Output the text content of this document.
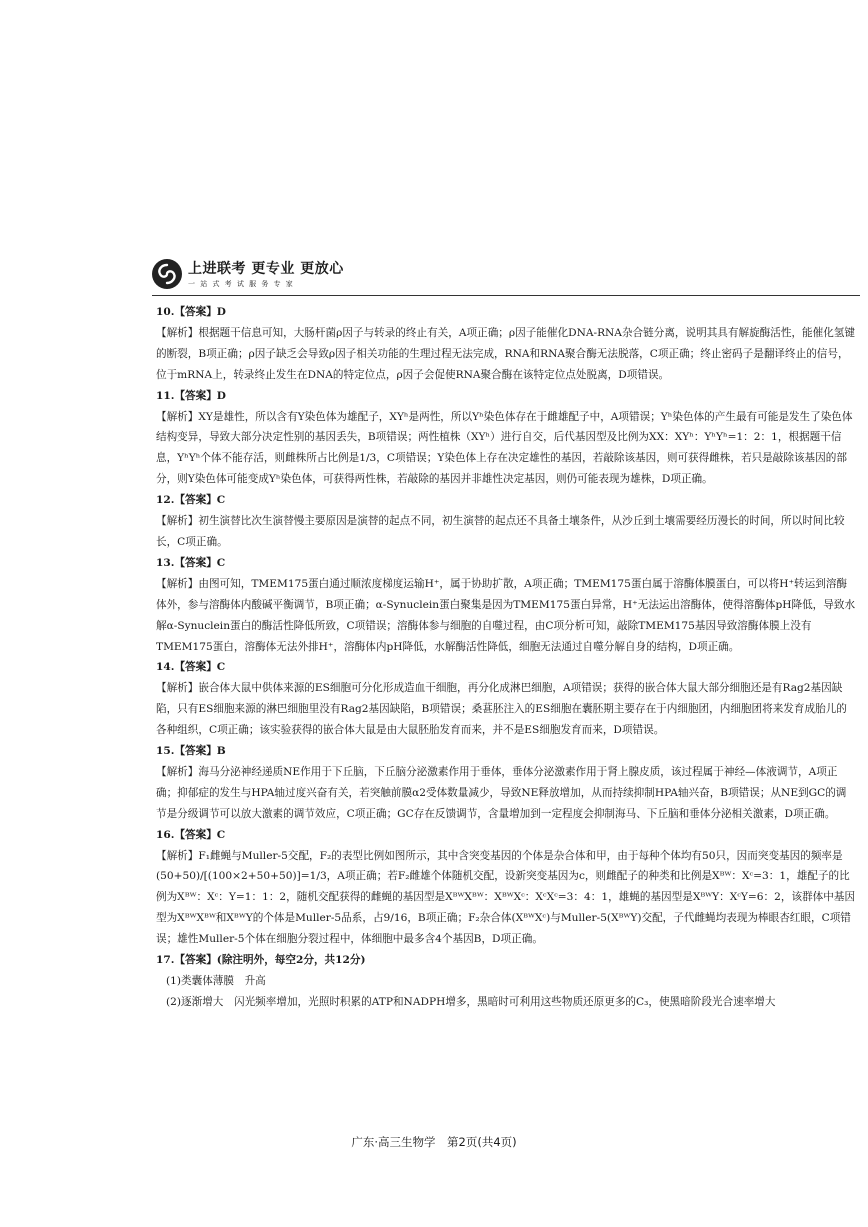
上进联考 更专业 更放心
一 站 式 考 试 服 务 专 家
10.【答案】D
【解析】根据题干信息可知，大肠杆菌ρ因子与转录的终止有关，A项正确；ρ因子能催化DNA-RNA杂合链分离，说明其具有解旋酶活性，能催化氢键的断裂，B项正确；ρ因子缺乏会导致ρ因子相关功能的生理过程无法完成，RNA和RNA聚合酶无法脱落，C项正确；终止密码子是翻译终止的信号，位于mRNA上，转录终止发生在DNA的特定位点，ρ因子会促使RNA聚合酶在该特定位点处脱离，D项错误。
11.【答案】D
【解析】XY是雄性，所以含有Y染色体为雄配子，XYʰ是两性，所以Yʰ染色体存在于雌雄配子中，A项错误；Yʰ染色体的产生最有可能是发生了染色体结构变异，导致大部分决定性别的基因丢失，B项错误；两性植株（XYʰ）进行自交，后代基因型及比例为XX：XYʰ：YʰYʰ=1：2：1，根据题干信息，YʰYʰ个体不能存活，则雌株所占比例是1/3，C项错误；Y染色体上存在决定雄性的基因，若敲除该基因，则可获得雌株，若只是敲除该基因的部分，则Y染色体可能变成Yʰ染色体，可获得两性株，若敲除的基因并非雄性决定基因，则仍可能表现为雄株，D项正确。
12.【答案】C
【解析】初生演替比次生演替慢主要原因是演替的起点不同，初生演替的起点还不具备土壤条件，从沙丘到土壤需要经历漫长的时间，所以时间比较长，C项正确。
13.【答案】C
【解析】由图可知，TMEM175蛋白通过顺浓度梯度运输H⁺，属于协助扩散，A项正确；TMEM175蛋白属于溶酶体膜蛋白，可以将H⁺转运到溶酶体外，参与溶酶体内酸碱平衡调节，B项正确；α-Synuclein蛋白聚集是因为TMEM175蛋白异常，H⁺无法运出溶酶体，使得溶酶体pH降低，导致水解α-Synuclein蛋白的酶活性降低所致，C项错误；溶酶体参与细胞的自噬过程，由C项分析可知，敲除TMEM175基因导致溶酶体膜上没有TMEM175蛋白，溶酶体无法外排H⁺，溶酶体内pH降低，水解酶活性降低，细胞无法通过自噬分解自身的结构，D项正确。
14.【答案】C
【解析】嵌合体大鼠中供体来源的ES细胞可分化形成造血干细胞，再分化成淋巴细胞，A项错误；获得的嵌合体大鼠大部分细胞还是有Rag2基因缺陷，只有ES细胞来源的淋巴细胞里没有Rag2基因缺陷，B项错误；桑葚胚注入的ES细胞在囊胚期主要存在于内细胞团，内细胞团将来发育成胎儿的各种组织，C项正确；该实验获得的嵌合体大鼠是由大鼠胚胎发育而来，并不是ES细胞发育而来，D项错误。
15.【答案】B
【解析】海马分泌神经递质NE作用于下丘脑，下丘脑分泌激素作用于垂体，垂体分泌激素作用于肾上腺皮质，该过程属于神经—体液调节，A项正确；抑郁症的发生与HPA轴过度兴奋有关，若突触前膜α2受体数量减少，导致NE释放增加，从而持续抑制HPA轴兴奋，B项错误；从NE到GC的调节是分级调节可以放大激素的调节效应，C项正确；GC存在反馈调节，含量增加到一定程度会抑制海马、下丘脑和垂体分泌相关激素，D项正确。
16.【答案】C
【解析】F₁雌蝇与Muller-5交配，F₂的表型比例如图所示，其中含突变基因的个体是杂合体和甲，由于每种个体均有50只，因而突变基因的频率是(50+50)/[(100×2+50+50)]=1/3，A项正确；若F₂雌雄个体随机交配，设新突变基因为c，则雌配子的种类和比例是Xᴮᵂ：Xᶜ=3：1，雄配子的比例为Xᴮᵂ：Xᶜ：Y=1：1：2，随机交配获得的雌蝇的基因型是XᴮᵂXᴮᵂ：XᴮᵂXᶜ：XᶜXᶜ=3：4：1，雄蝇的基因型是XᴮᵂY：XᶜY=6：2，该群体中基因型为XᴮᵂXᴮᵂ和XᴮᵂY的个体是Muller-5品系，占9/16，B项正确；F₂杂合体(XᴮᵂXᶜ)与Muller-5(XᴮᵂY)交配，子代雌蝇均表现为棒眼杏红眼，C项错误；雄性Muller-5个体在细胞分裂过程中，体细胞中最多含4个基因B，D项正确。
17.【答案】(除注明外，每空2分，共12分)
(1)类囊体薄膜　升高
(2)逐渐增大　闪光频率增加，光照时积累的ATP和NADPH增多，黑暗时可利用这些物质还原更多的C₃，使黑暗阶段光合速率增大
广东·高三生物学　第2页(共4页)
